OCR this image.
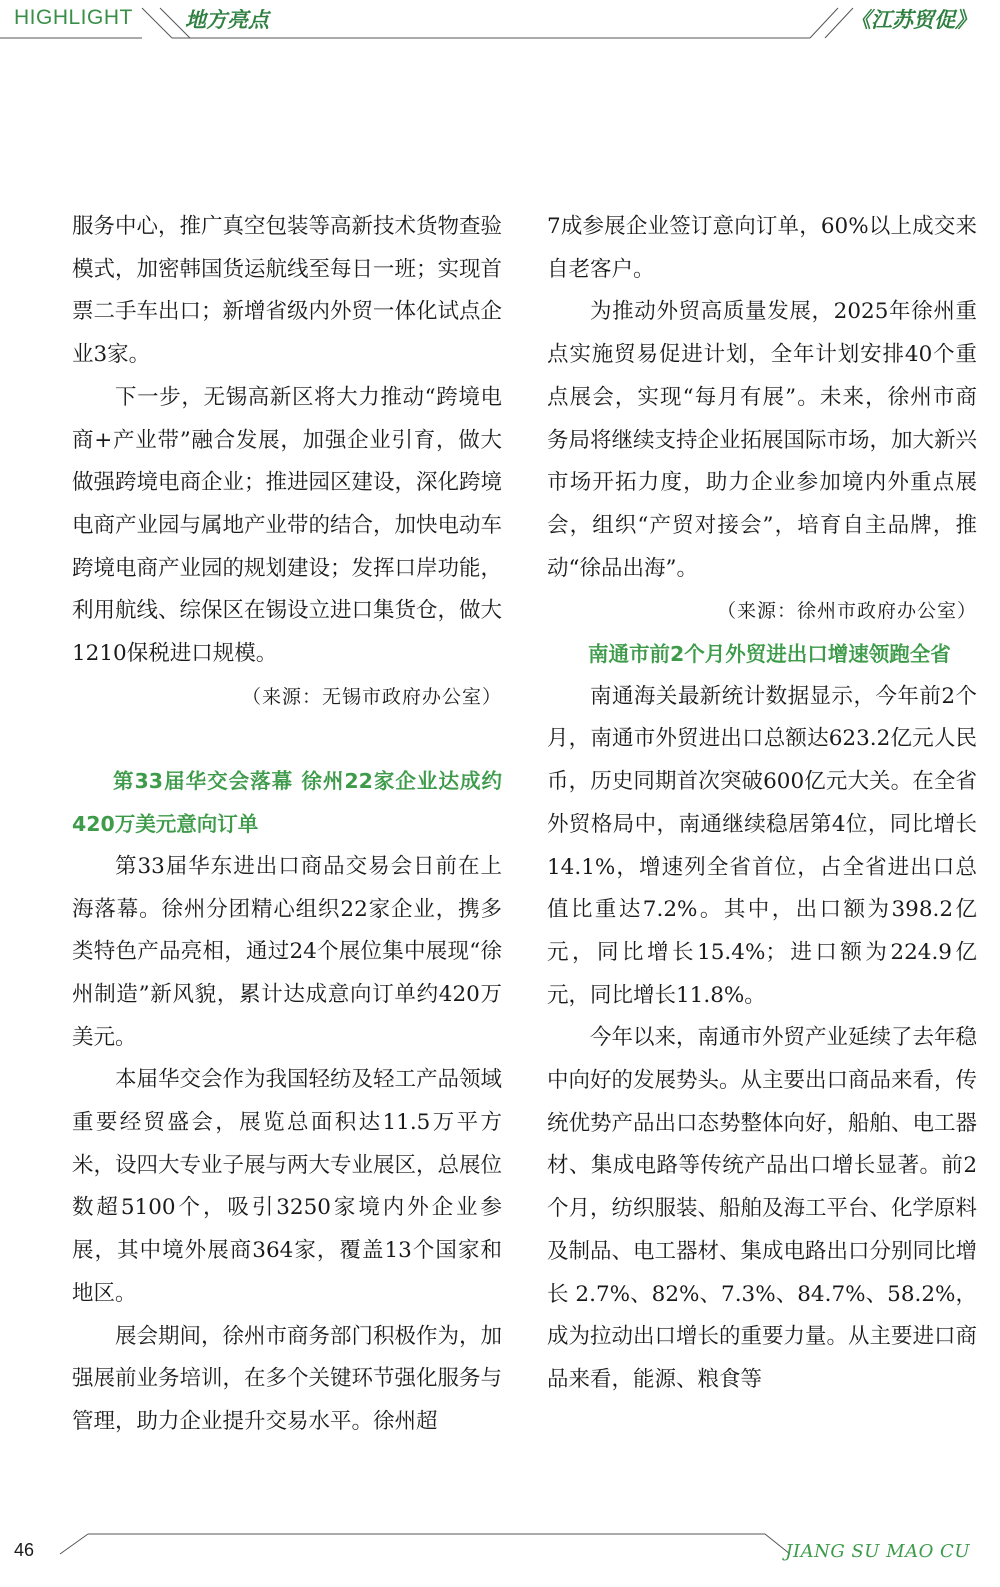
HIGHLIGHT 地方亮点	《江苏贸促》

服务中心，推广真空包装等高新技术货物查验模式，加密韩国货运航线至每日一班；实现首票二手车出口；新增省级内外贸一体化试点企业3家。

下一步，无锡高新区将大力推动“跨境电商+产业带”融合发展，加强企业引育，做大做强跨境电商企业；推进园区建设，深化跨境电商产业园与属地产业带的结合，加快电动车跨境电商产业园的规划建设；发挥口岸功能，利用航线、综保区在锡设立进口集货仓，做大1210保税进口规模。

（来源：无锡市政府办公室）

第33届华交会落幕 徐州22家企业达成约420万美元意向订单

第33届华东进出口商品交易会日前在上海落幕。徐州分团精心组织22家企业，携多类特色产品亮相，通过24个展位集中展现“徐州制造”新风貌，累计达成意向订单约420万美元。

本届华交会作为我国轻纺及轻工产品领域重要经贸盛会，展览总面积达11.5万平方米，设四大专业子展与两大专业展区，总展位数超5100个，吸引3250家境内外企业参展，其中境外展商364家，覆盖13个国家和地区。

展会期间，徐州市商务部门积极作为，加强展前业务培训，在多个关键环节强化服务与管理，助力企业提升交易水平。徐州超

7成参展企业签订意向订单，60%以上成交来自老客户。

为推动外贸高质量发展，2025年徐州重点实施贸易促进计划，全年计划安排40个重点展会，实现“每月有展”。未来，徐州市商务局将继续支持企业拓展国际市场，加大新兴市场开拓力度，助力企业参加境内外重点展会，组织“产贸对接会”，培育自主品牌，推动“徐品出海”。

（来源：徐州市政府办公室）

南通市前2个月外贸进出口增速领跑全省

南通海关最新统计数据显示，今年前2个月，南通市外贸进出口总额达623.2亿元人民币，历史同期首次突破600亿元大关。在全省外贸格局中，南通继续稳居第4位，同比增长14.1%，增速列全省首位，占全省进出口总值比重达7.2%。其中，出口额为398.2亿元，同比增长15.4%；进口额为224.9亿元，同比增长11.8%。

今年以来，南通市外贸产业延续了去年稳中向好的发展势头。从主要出口商品来看，传统优势产品出口态势整体向好，船舶、电工器材、集成电路等传统产品出口增长显著。前2个月，纺织服装、船舶及海工平台、化学原料及制品、电工器材、集成电路出口分别同比增长 2.7%、82%、7.3%、84.7%、58.2%，成为拉动出口增长的重要力量。从主要进口商品来看，能源、粮食等

46	JIANG SU MAO CU
